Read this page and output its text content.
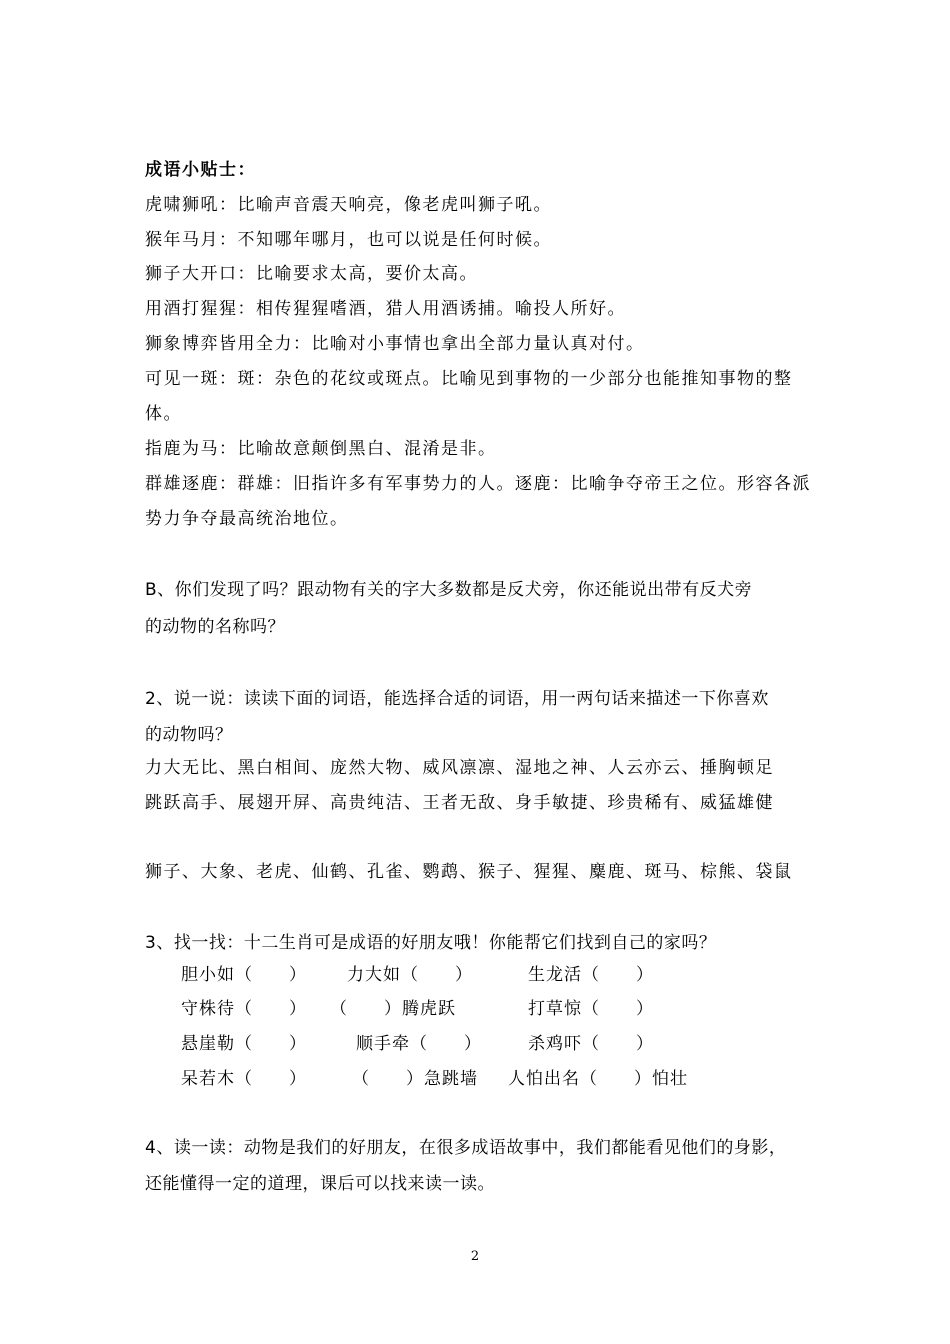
成语小贴士：
虎啸狮吼：比喻声音震天响亮，像老虎叫狮子吼。
猴年马月：不知哪年哪月，也可以说是任何时候。
狮子大开口：比喻要求太高，要价太高。
用酒打猩猩：相传猩猩嗜酒，猎人用酒诱捕。喻投人所好。
狮象博弈皆用全力：比喻对小事情也拿出全部力量认真对付。
可见一斑：斑：杂色的花纹或斑点。比喻见到事物的一少部分也能推知事物的整
体。
指鹿为马：比喻故意颠倒黑白、混淆是非。
群雄逐鹿：群雄：旧指许多有军事势力的人。逐鹿：比喻争夺帝王之位。形容各派
势力争夺最高统治地位。
B、你们发现了吗？跟动物有关的字大多数都是反犬旁，你还能说出带有反犬旁
的动物的名称吗？
2、说一说：读读下面的词语，能选择合适的词语，用一两句话来描述一下你喜欢
的动物吗？
力大无比、黑白相间、庞然大物、威风凛凛、湿地之神、人云亦云、捶胸顿足
跳跃高手、展翅开屏、高贵纯洁、王者无敌、身手敏捷、珍贵稀有、威猛雄健
狮子、大象、老虎、仙鹤、孔雀、鹦鹉、猴子、猩猩、麋鹿、斑马、棕熊、袋鼠
3、找一找：十二生肖可是成语的好朋友哦！你能帮它们找到自己的家吗？
胆小如（　　） 力大如（　　）	生龙活（　　）
守株待（　　） （　　）腾虎跃	打草惊（　　）
悬崖勒（　　）	顺手牵（　　）	杀鸡吓（　　）
呆若木（　　）	（　　）急跳墙 人怕出名（　　）怕壮
4、读一读：动物是我们的好朋友，在很多成语故事中，我们都能看见他们的身影，
还能懂得一定的道理，课后可以找来读一读。
2
